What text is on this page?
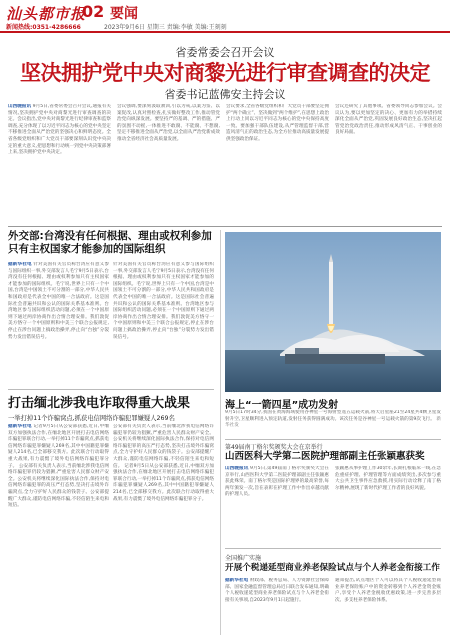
汕头都市报
02 要闻
新闻热线:0351-4286666	2023年9月6日 星期三 责编:李敏 美编:王刻刻
省委常委会召开会议
坚决拥护党中央对商黎光进行审查调查的决定
省委书记蓝佛安主持会议
山西晚报讯 9月5日,省委常委会召开会议,通报有关情况,坚决拥护党中央对商黎光进行审查调查的决定。会议指出,党中央对商黎光进行纪律审查和监察调查,充分体现了以习近平同志为核心的党中央坚定不移推进全面从严治党的坚强决心和鲜明态度。全省各级党组织和广大党员干部要深刻认识党中央决定的重大意义,把思想和行动统一到党中央决策部署上来,坚决拥护党中央决定。
会议强调,要深刻汲取教训,引以为戒,以案为鉴、以案促改,认真对照检查,扎实做好整改工作,推动管党治党向纵深发展。要坚持严的基调、严的措施、严的氛围不动摇,一体推进不敢腐、不能腐、不想腐,坚定不移推进全面从严治党,以全面从严治党新成效推动全省经济社会高质量发展。
会议要求,全省各级党组织和广大党员干部要坚定拥护“两个确立”、坚决做到“两个维护”,在思想上政治上行动上同以习近平同志为核心的党中央保持高度一致。要加强干部队伍建设,从严管理监督干部,营造风清气正的政治生态,为全方位推动高质量发展提供坚强政治保证。
会议还研究了其他事项。省委领导同志参加会议。会议认为,要以更加坚定的决心、更加有力的举措持续深化全面从严治党,巩固发展良好政治生态,坚决扛起管党治党政治责任,推动形成风清气正、干事创业的良好局面。
外交部:台湾没有任何根据、理由或权利参加只有主权国家才能参加的国际组织
据新华社电 针对美国有关官员称台湾应有意义参与国际组织一事,外交部发言人毛宁9月5日表示,台湾没有任何根据、理由或权利参加只有主权国家才能参加的国际组织。毛宁说,世界上只有一个中国,台湾是中国领土不可分割的一部分,中华人民共和国政府是代表全中国的唯一合法政府。这是国际社会普遍共识和公认的国际关系基本准则。台湾地区参与国际组织活动问题,必须在一个中国原则下通过两岸协商作出合情合理安排。我们敦促美方恪守一个中国原则和中美三个联合公报规定,停止在涉台问题上搞政治操弄,停止向“台独”分裂势力发出错误信号。
针对美国有关官员称台湾应有意义参与国际组织一事,外交部发言人毛宁9月5日表示,台湾没有任何根据、理由或权利参加只有主权国家才能参加的国际组织。毛宁说,世界上只有一个中国,台湾是中国领土不可分割的一部分,中华人民共和国政府是代表全中国的唯一合法政府。这是国际社会普遍共识和公认的国际关系基本准则。台湾地区参与国际组织活动问题,必须在一个中国原则下通过两岸协商作出合情合理安排。我们敦促美方恪守一个中国原则和中美三个联合公报规定,停止在涉台问题上搞政治操弄,停止向“台独”分裂势力发出错误信号。
打击缅北涉我电诈取得重大战果
一举打掉11个诈骗窝点,抓获电信网络诈骗犯罪嫌疑人269名
据新华社电 记者9月5日从公安部获悉,近日,中缅双方加强执法合作,在缅北地区开展打击电信网络诈骗犯罪联合行动,一举打掉11个诈骗窝点,抓获电信网络诈骗犯罪嫌疑人269名,其中中国籍犯罪嫌疑人214名,已全部移交我方。此次联合行动取得重大战果,有力震慑了境外电信网络诈骗犯罪分子。 公安部有关负责人表示,当前缅北涉我电信网络诈骗犯罪仍较为猖獗,严重危害人民群众财产安全。公安机关将继续深化国际执法合作,保持对电信网络诈骗犯罪的高压严打态势,坚决打击境外诈骗窝点,全力守护好人民群众的钱袋子。公安部提醒广大群众,谨防电信网络诈骗,不轻信陌生来电和短信。
公安部有关负责人表示,当前缅北涉我电信网络诈骗犯罪仍较为猖獗,严重危害人民群众财产安全。公安机关将继续深化国际执法合作,保持对电信网络诈骗犯罪的高压严打态势,坚决打击境外诈骗窝点,全力守护好人民群众的钱袋子。公安部提醒广大群众,谨防电信网络诈骗,不轻信陌生来电和短信。 记者9月5日从公安部获悉,近日,中缅双方加强执法合作,在缅北地区开展打击电信网络诈骗犯罪联合行动,一举打掉11个诈骗窝点,抓获电信网络诈骗犯罪嫌疑人269名,其中中国籍犯罪嫌疑人214名,已全部移交我方。此次联合行动取得重大战果,有力震慑了境外电信网络诈骗犯罪分子。
海上“一箭四星”成功发射
9月5日17时34分,我国在黄海海域使用谷神星一号海射型遥五运载火箭,将天启星座21至24星共4颗卫星发射升空,卫星顺利进入预定轨道,发射任务获得圆满成功。该次任务是谷神星一号运载火箭的第9次飞行。 新华社发
第49届南丁格尔奖颁奖大会在京举行
山西医科大学第二医院护理部副主任张颖惠获奖
山西晚报讯 9月5日,第49届南丁格尔奖颁奖大会在京举行,山西医科大学第二医院护理部副主任张颖惠获此殊荣。南丁格尔奖是国际护理界的最高荣誉,每两年颁发一次,旨在表彰在护理工作中作出卓越贡献的护理人员。
张颖惠从事护理工作30余年,长期扎根临床一线,在急危重症护理、护理管理等方面成绩突出,多次参与重大公共卫生事件应急救援,用实际行动诠释了南丁格尔精神,展现了新时代护理工作者的良好风貌。
全国推广实施
开展个税递延型商业养老保险试点与个人养老金衔接工作
据新华社电 财政部、税务总局、人力资源社会保障部、国家金融监督管理总局近日联合发布通知,明确个人税收递延型商业养老保险试点与个人养老金衔接有关事项,自2023年9月1日起施行。
通知提出,试点地区个人可以将其个人税收递延型商业养老保险账户中的资金转移到个人养老金资金账户,享受个人养老金税收优惠政策,进一步完善多层次、多支柱养老保险体系。
